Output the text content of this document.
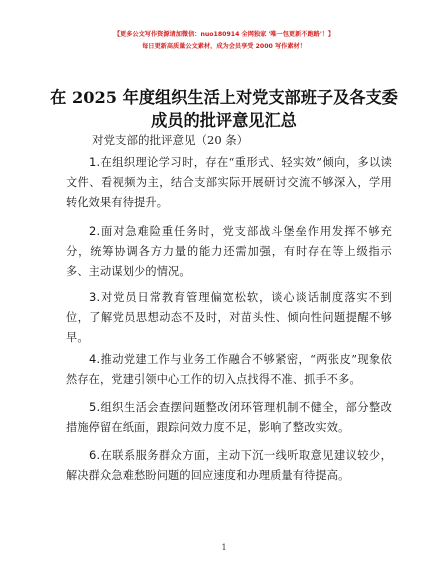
【更多公文写作资源请加微信：nuo180914 全网独家 '唯一包更新不跑路'！】
每日更新高质量公文素材，成为会员享受 2000 写作素材！
在 2025 年度组织生活上对党支部班子及各支委
成员的批评意见汇总
对党支部的批评意见（20 条）
1.在组织理论学习时，存在“重形式、轻实效”倾向，多以读文件、看视频为主，结合支部实际开展研讨交流不够深入，学用转化效果有待提升。
2.面对急难险重任务时，党支部战斗堡垒作用发挥不够充分，统筹协调各方力量的能力还需加强，有时存在等上级指示多、主动谋划少的情况。
3.对党员日常教育管理偏宽松软，谈心谈话制度落实不到位，了解党员思想动态不及时，对苗头性、倾向性问题提醒不够早。
4.推动党建工作与业务工作融合不够紧密，“两张皮”现象依然存在，党建引领中心工作的切入点找得不准、抓手不多。
5.组织生活会查摆问题整改闭环管理机制不健全，部分整改措施停留在纸面，跟踪问效力度不足，影响了整改实效。
6.在联系服务群众方面，主动下沉一线听取意见建议较少，解决群众急难愁盼问题的回应速度和办理质量有待提高。
1
